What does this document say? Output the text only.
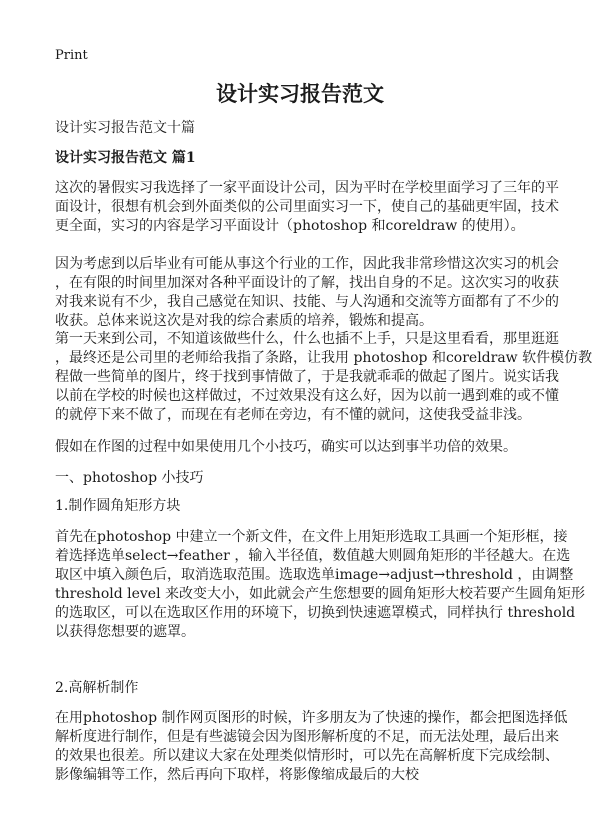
Print
设计实习报告范文
设计实习报告范文十篇
设计实习报告范文 篇1
这次的暑假实习我选择了一家平面设计公司，因为平时在学校里面学习了三年的平
面设计，很想有机会到外面类似的公司里面实习一下，使自己的基础更牢固，技术
更全面，实习的内容是学习平面设计（photoshop 和coreldraw 的使用）。
因为考虑到以后毕业有可能从事这个行业的工作，因此我非常珍惜这次实习的机会
，在有限的时间里加深对各种平面设计的了解，找出自身的不足。这次实习的收获
对我来说有不少，我自己感觉在知识、技能、与人沟通和交流等方面都有了不少的
收获。总体来说这次是对我的综合素质的培养，锻炼和提高。
第一天来到公司，不知道该做些什么，什么也插不上手，只是这里看看，那里逛逛
，最终还是公司里的老师给我指了条路，让我用 photoshop 和coreldraw 软件模仿教
程做一些简单的图片，终于找到事情做了，于是我就乖乖的做起了图片。说实话我
以前在学校的时候也这样做过，不过效果没有这么好，因为以前一遇到难的或不懂
的就停下来不做了，而现在有老师在旁边，有不懂的就问，这使我受益非浅。
假如在作图的过程中如果使用几个小技巧，确实可以达到事半功倍的效果。
一、photoshop 小技巧
1.制作圆角矩形方块
首先在photoshop 中建立一个新文件，在文件上用矩形选取工具画一个矩形框，接
着选择选单select→feather ，输入半径值，数值越大则圆角矩形的半径越大。在选
取区中填入颜色后，取消选取范围。选取选单image→adjust→threshold ，由调整
threshold level 来改变大小，如此就会产生您想要的圆角矩形大校若要产生圆角矩形
的选取区，可以在选取区作用的环境下，切换到快速遮罩模式，同样执行 threshold
以获得您想要的遮罩。
2.高解析制作
在用photoshop 制作网页图形的时候，许多朋友为了快速的操作，都会把图选择低
解析度进行制作，但是有些滤镜会因为图形解析度的不足，而无法处理，最后出来
的效果也很差。所以建议大家在处理类似情形时，可以先在高解析度下完成绘制、
影像编辑等工作，然后再向下取样，将影像缩成最后的大校
